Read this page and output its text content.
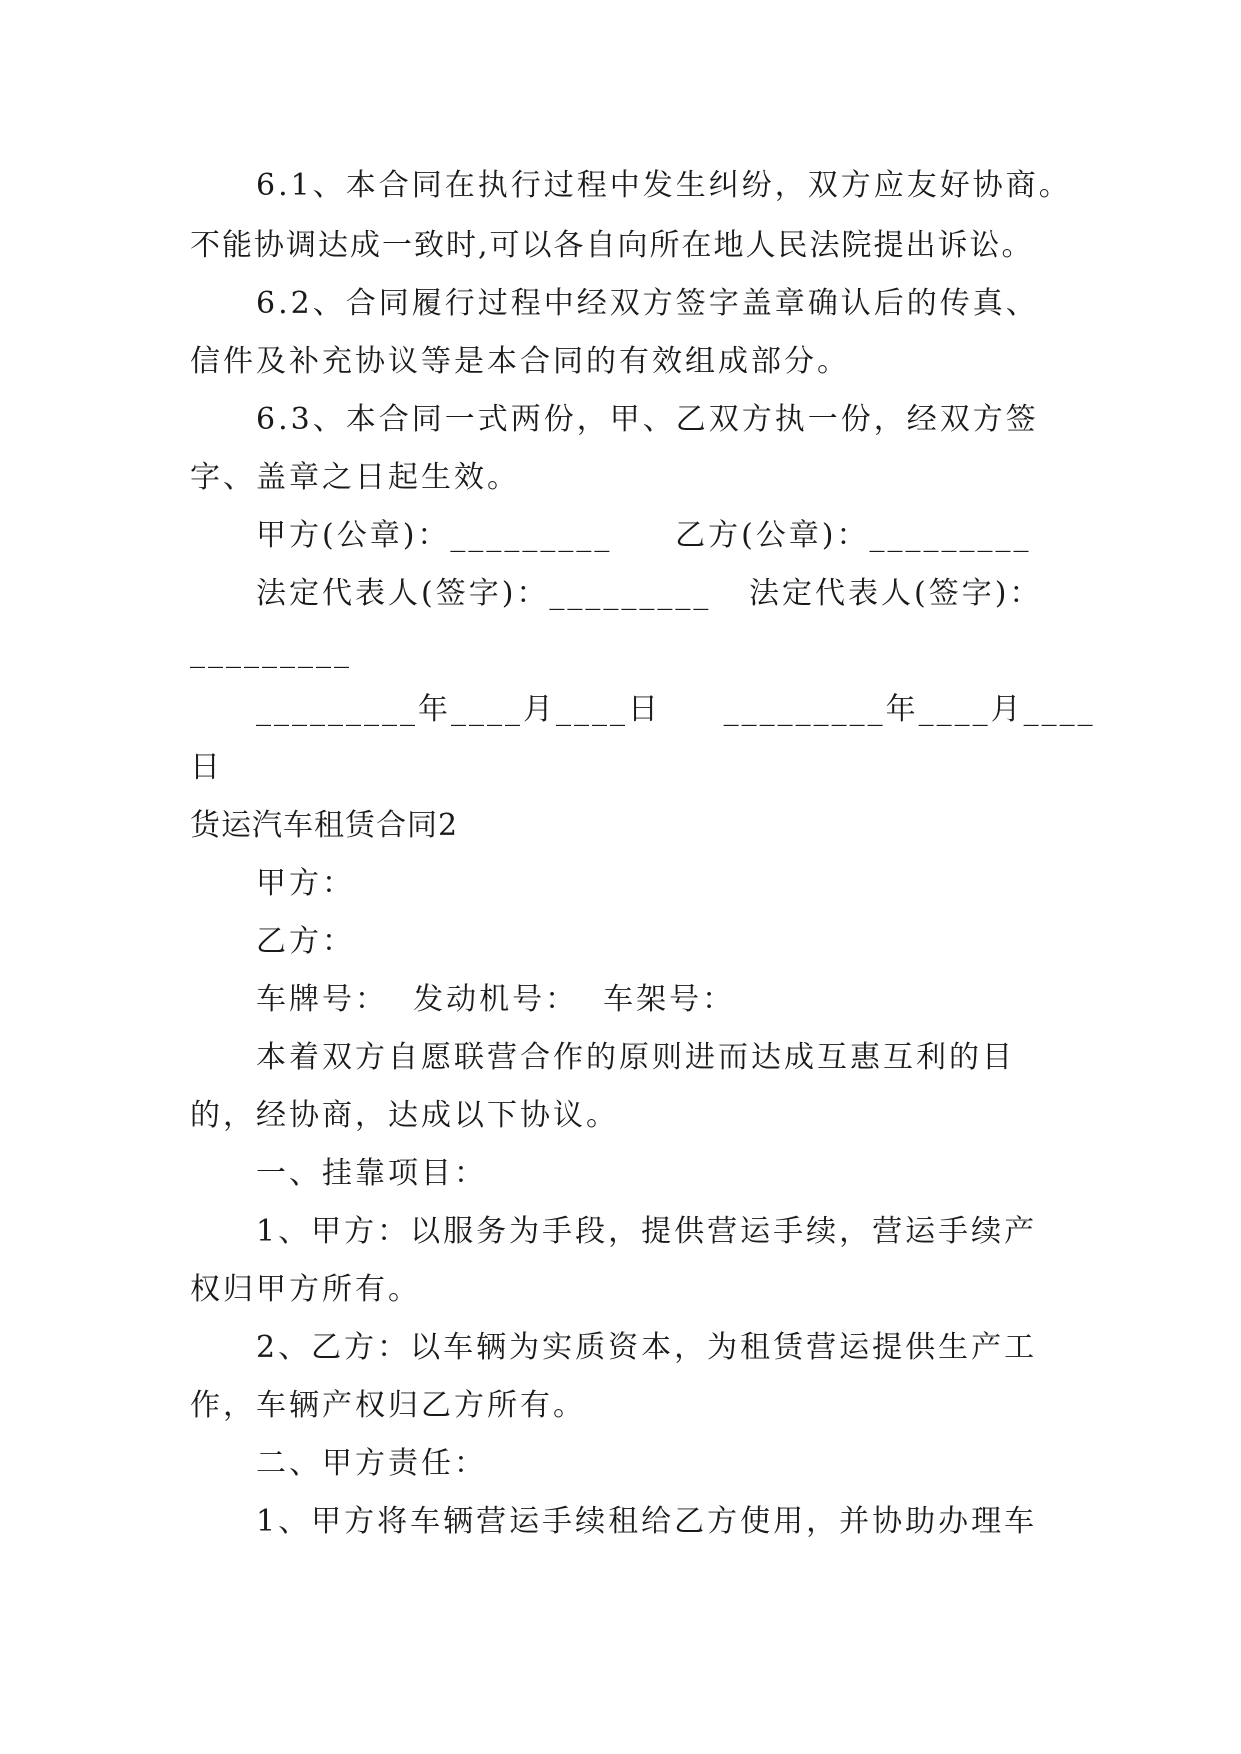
6.1、本合同在执行过程中发生纠纷，双方应友好协商。
不能协调达成一致时,可以各自向所在地人民法院提出诉讼。
6.2、合同履行过程中经双方签字盖章确认后的传真、
信件及补充协议等是本合同的有效组成部分。
6.3、本合同一式两份，甲、乙双方执一份，经双方签
字、盖章之日起生效。
甲方(公章)：_________     乙方(公章)：_________
法定代表人(签字)：_________   法定代表人(签字)：
_________
_________年____月____日     _________年____月____
日
货运汽车租赁合同2
甲方：
乙方：
车牌号：  发动机号：  车架号：
本着双方自愿联营合作的原则进而达成互惠互利的目
的，经协商，达成以下协议。
一、挂靠项目：
1、甲方：以服务为手段，提供营运手续，营运手续产
权归甲方所有。
2、乙方：以车辆为实质资本，为租赁营运提供生产工
作，车辆产权归乙方所有。
二、甲方责任：
1、甲方将车辆营运手续租给乙方使用，并协助办理车
